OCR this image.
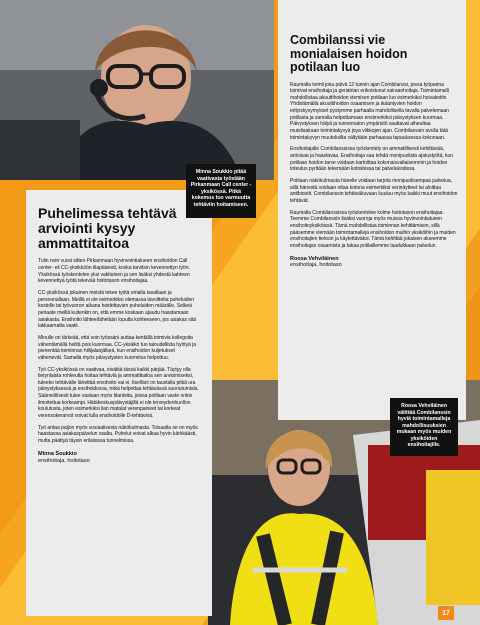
Puhelimessa tehtävä arviointi kysyy ammattitaitoa

Tulin noin vuosi sitten Pirkanmaan hyvinvointialueen ensihoidon Call center- eli CC-yksikköön tilapäisesti, koska tarvitsin kevennettyn työn. Yksikössä työskentelee yksi vakituinen ja sen lisäksi yhdestä kahteen kevennettyä työtä tekevää hoitotason ensihoitajaa.

CC-yksikössä jokainen meistä tekee työtä omalla tavallaan ja persoonallaan. Meillä ei ole esimerkiksi olemassa tavoitteita puheluiden kestolle tai työvuoron aikana hoidettavien puheluiden määrälle. Selkeä periaate meillä kuitenkin on, että emme koskaan ajaudu haastamaan asiakasta. Ensihoito lähtee/lähetään lopulta kohteeseen, jos asiakas sitä lakkaamatta vaatii.

Minulle on tärkeää, että voin työssäni auttaa kentällä toimivia kollegoita vähentämällä heiltä pois kuormaa. CC-yksikkö tuo taloudellista hyötyä ja pienentää toiminnan hiilijalanjälkeä, kun ensihoidon kuljetukset vähenevät. Samalla myös päivystysten kuormitus helpottuu.

Työ CC-yksikössä on vaativaa, eivätkä tässä kaikki pärjää. Täytyy olla tietynlaista rohkeutta hoitaa tehtäviä ja ammattitaitoa sen arvioimiseksi, tuleeko tehtävälle lähettää ensihoito vai ei. Itselläni on taustalla pitkä ura päivystyksessä ja ensihoidossa, mikä helpottaa tehtävässä suoriutumista. Säännöllisesti tulee vastaan myös tilanteita, joissa potilaan vaste onkin ilmoitettua korkeampi. Hätäkeskuspäivystäjillä ei ole terveydenhuollon koulutusta, joten esimerkiksi lian matalat verenpaineet tai korkeat verensokerarvot voivat tulla ensihoidolle D-tehtävinä.

Työ antaa paljon myös sosiaalisesta näkökulmasta. Toisaalta se on myös haastavaa asiakaspalvelun osalta. Puhelut voivat alkaa hyvin kärkkäästi, mutta päättyä täysin erilaisissa tunnelmissa.

Minna Soukkio
ensihoitaja, hoitotaso
Combilanssi vie monialaisen hoidon potilaan luo

Raumalla toimii joka päivä 12 tunnin ajan Combilanssi, jossa työparina toimivat ensihoitaja ja geriatrian erikoistunut sairaanhoitaja. Toimintamalli mahdollistaa akuuttihoidon viemisen potilaan luo esimerkiksi hoivakotiin. Yhdistämällä akuuttihoidon osaamisen ja ikääntyvien hoidon erityiskysymykset pystymme parhaalla mahdollisella tavalla palvelemaan potilasta ja samalla helpottamaan ensimerkiksi päivystyksen kuormaa. Päivystyksen hälyä ja tunnematon ympäristö saattavat aiheuttaa muistisairaan toimintakyvyä joya viikkojen ajan. Combilanssin avulla tätä toimintakyvyn muutoksilta vältytään parhaassa tapauksessa kokonaan.

Ensihoitajalle Combilanssissa työskentely on ammatillisesti kehittävää, antoisaa ja haastavaa. Ensihoitaja saa tehdä monipuolista ajatustyötä, kun potilaan hoidon tarve voidaan kartoittaa kokonaisvaltaisemmin ja hoidon toteutus pyritään tekemään kotioloissa tai palvelukodissa.

Potilaan näkökulmasta hänelle voidaan tarjota monipuolisempaa palvelua, sillä hänestä voidaan ottaa kotona esimerkiksi verinäytteet tai aloittaa antibiootit. Combilanssin tehtäväkuvaan kuuluu myös kaikki muut ensihoidon tehtävät.

Raumalla Combilanssissa työskentelee kolme hoitotason ensihoitajaa. Teemme Combilanssin lisäksi vuoroja myös muissa hyvinvointialueen ensihoitoyksiköissä. Tämä mahdollistaa toiminnan kehittämisen, sillä pääsemme viemään toimintamalleja ensihoidon muihin yksiköihin ja muiden ensihoitajien tietoon ja käytettäväksi. Tämä kehittää jokaisen alueemme ensihoitajan osaamista ja takaa potilaillemme laadukkaan palvelun.

Roosa Vehviläinen
ensihoitaja, hoitotaso
Minna Soukkio pitää vaativasta työstään Pirkanmaan Call center -yksikössä. Pitkä kokemus tuo varmuutta tehtäviin hoitamiseen.
Roosa Vehviläinen välittää Combilanssin hyviä toimintamalleja mahdollisuuksien mukaan myös muiden yksiköiden ensihoitajille.
17
